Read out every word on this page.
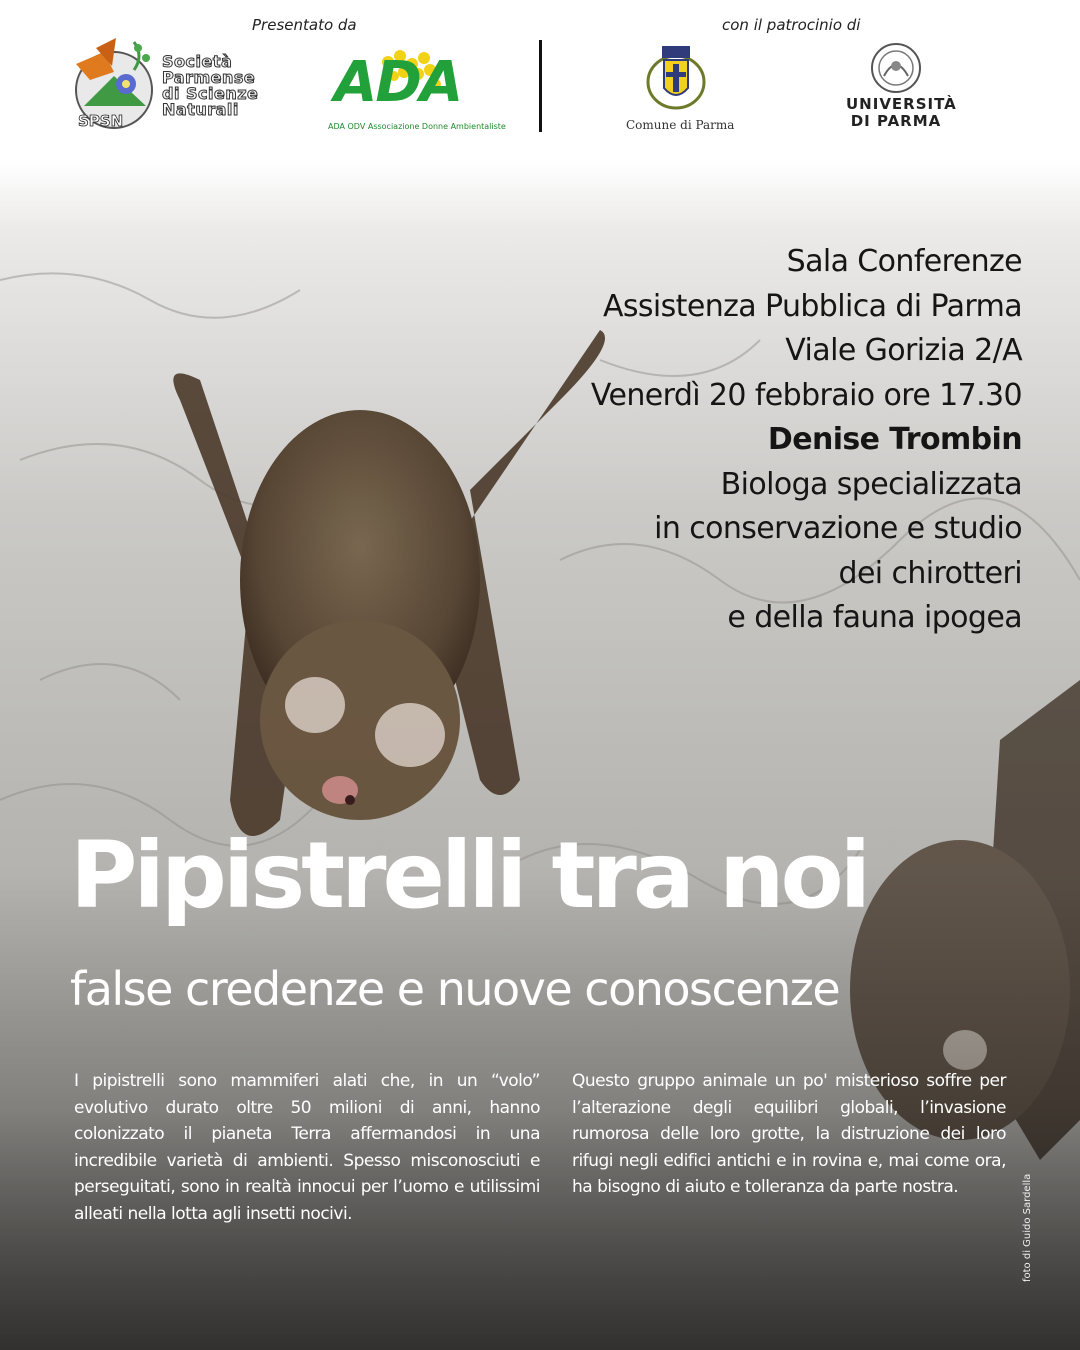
Presentato da	con il patrocinio di
Società
Parmense
di Scienze
Naturali
SPSN
ADA
ADA ODV Associazione Donne Ambientaliste	Comune di Parma
UNIVERSITÀ
DI PARMA
Sala Conferenze
Assistenza Pubblica di Parma
Viale Gorizia 2/A
Venerdì 20 febbraio ore 17.30
Denise Trombin
Biologa specializzata
in conservazione e studio
dei chirotteri
e della fauna ipogea
Pipistrelli tra noi
false credenze e nuove conoscenze
I pipistrelli sono mammiferi alati che, in un “volo” evolutivo durato oltre 50 milioni di anni, hanno colonizzato il pianeta Terra affermandosi in una incredibile varietà di ambienti. Spesso misconosciuti e perseguitati, sono in realtà innocui per l’uomo e utilissimi alleati nella lotta agli insetti nocivi.
Questo gruppo animale un po' misterioso soffre per l’alterazione degli equilibri globali, l’invasione rumorosa delle loro grotte, la distruzione dei loro rifugi negli edifici antichi e in rovina e, mai come ora, ha bisogno di aiuto e tolleranza da parte nostra.	foto di Guido Sardella
